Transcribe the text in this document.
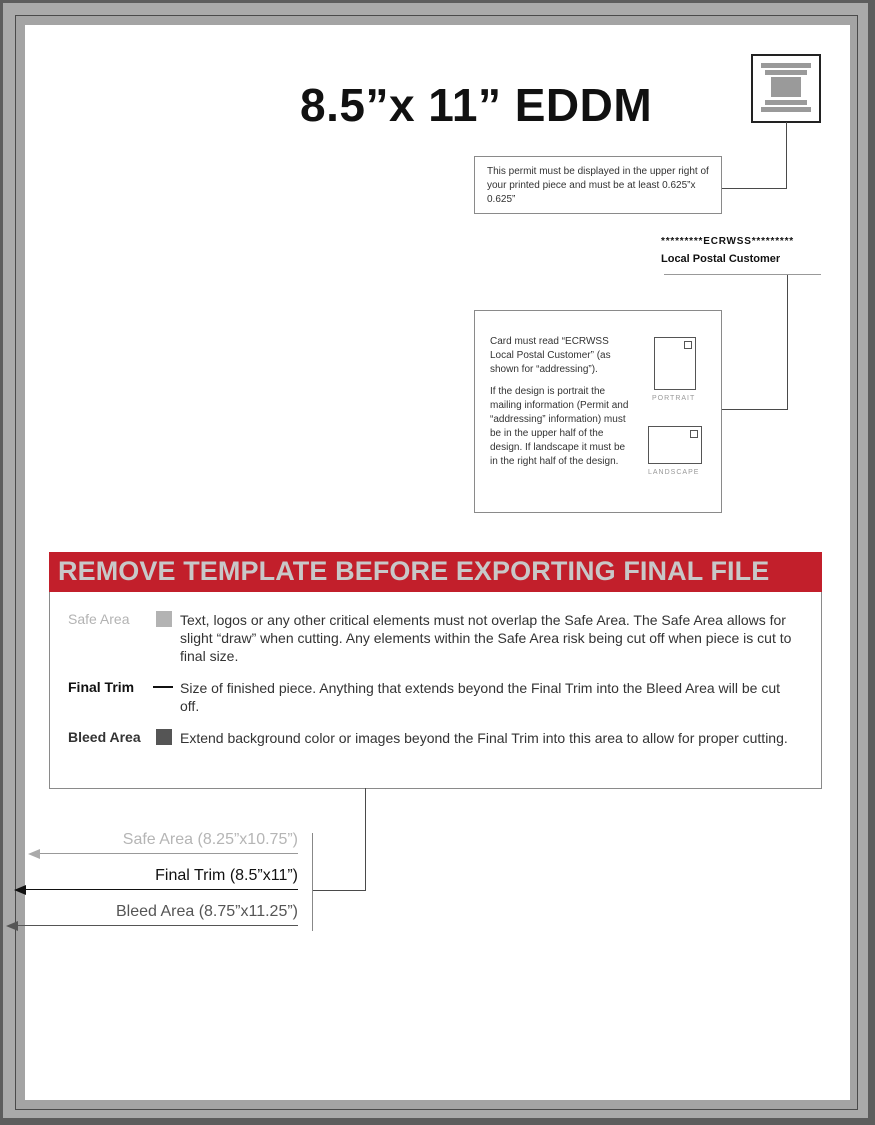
8.5”x 11” EDDM
This permit must be displayed in the upper right of your printed piece and must be at least 0.625”x 0.625”
*********ECRWSS*********
Local Postal Customer
Card must read “ECRWSS Local Postal Customer” (as shown for “addressing”).
If the design is portrait the mailing information (Permit and “addressing” information) must be in the upper half of the design. If landscape it must be in the right half of the design.
PORTRAIT
LANDSCAPE
REMOVE TEMPLATE BEFORE EXPORTING FINAL FILE
Safe Area	Text, logos or any other critical elements must not overlap the Safe Area. The Safe Area allows for slight “draw” when cutting. Any elements within the Safe Area risk being cut off when piece is cut to final size.
Final Trim	Size of finished piece. Anything that extends beyond the Final Trim into the Bleed Area will be cut off.
Bleed Area	Extend background color or images beyond the Final Trim into this area to allow for proper cutting.
Safe Area (8.25”x10.75”)
Final Trim (8.5”x11”)
Bleed Area (8.75”x11.25”)
